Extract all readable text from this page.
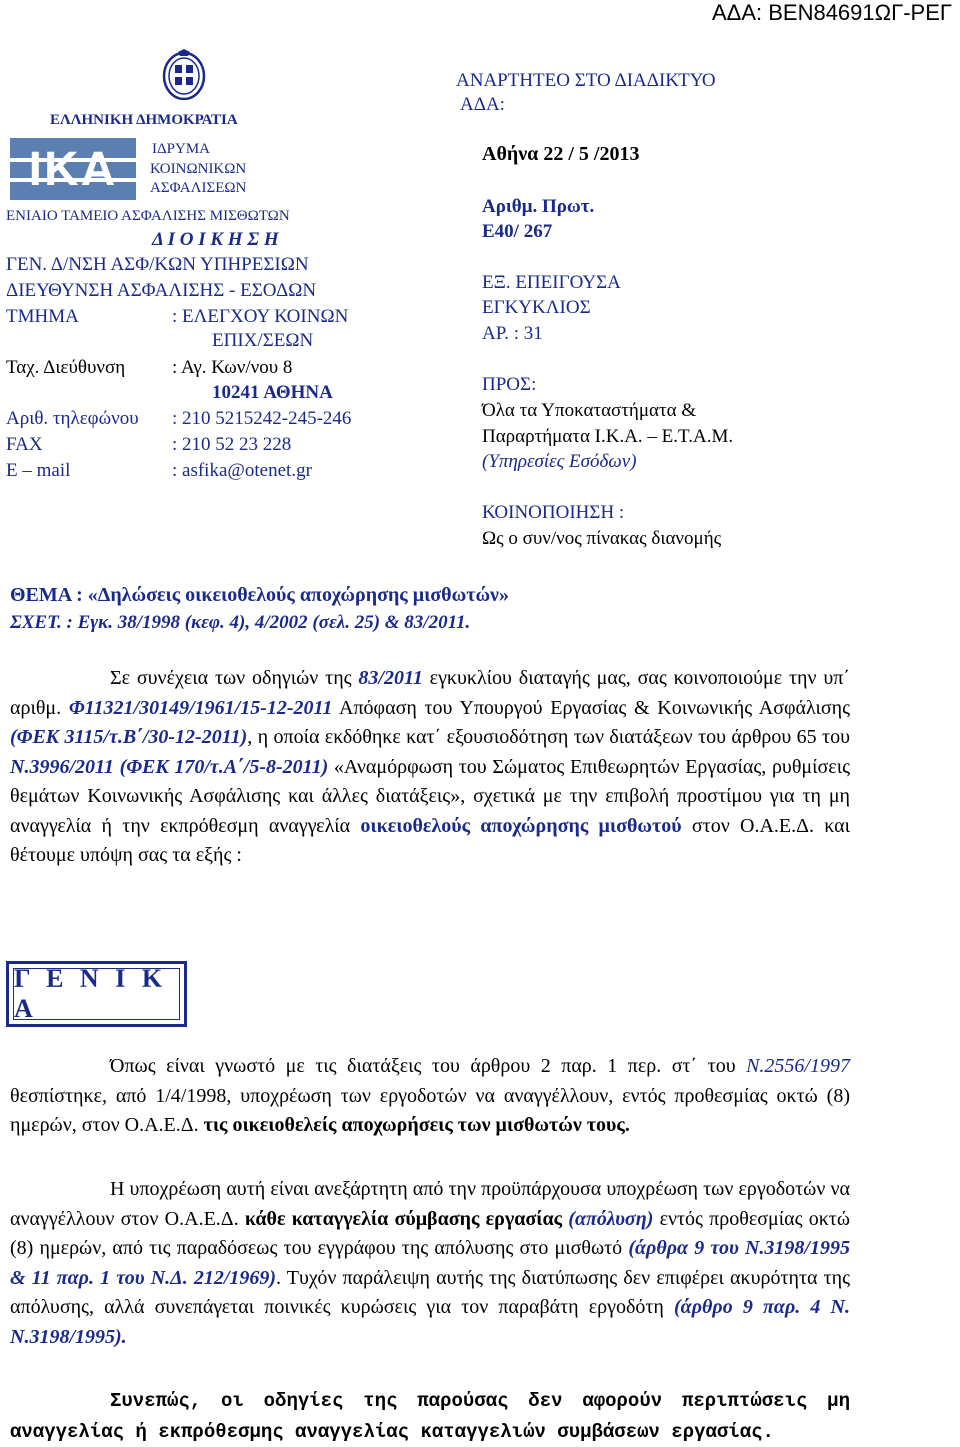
ΑΔΑ: ΒΕΝ84691ΩΓ-ΡΕΓ
ΕΛΛΗΝΙΚΗ ΔΗΜΟΚΡΑΤΙΑ
IKA	ΙΔΡΥΜΑ
ΚΟΙΝΩΝΙΚΩΝ
ΑΣΦΑΛΙΣΕΩΝ
ΕΝΙΑΙΟ ΤΑΜΕΙΟ ΑΣΦΑΛΙΣΗΣ ΜΙΣΘΩΤΩΝ
Δ Ι Ο Ι Κ Η Σ Η
ΓΕΝ. Δ/ΝΣΗ ΑΣΦ/ΚΩΝ ΥΠΗΡΕΣΙΩΝ
ΔΙΕΥΘΥΝΣΗ ΑΣΦΑΛΙΣΗΣ - ΕΣΟΔΩΝ
ΤΜΗΜΑ	: ΕΛΕΓΧΟΥ ΚΟΙΝΩΝ
ΕΠΙΧ/ΣΕΩΝ
Ταχ. Διεύθυνση : Αγ. Κων/νου 8
10241 ΑΘΗΝΑ
Αριθ. τηλεφώνου : 210 5215242-245-246
FAX	: 210 52 23 228
E – mail	: asfika@otenet.gr
ΑΝΑΡΤΗΤΕΟ ΣΤΟ ΔΙΑΔΙΚΤΥΟ
ΑΔΑ:
Αθήνα 22 / 5 /2013
Αριθμ. Πρωτ.
Ε40/ 267
ΕΞ. ΕΠΕΙΓΟΥΣΑ
ΕΓΚΥΚΛΙΟΣ
ΑΡ. : 31
ΠΡΟΣ:
Όλα τα Υποκαταστήματα &
Παραρτήματα Ι.Κ.Α. – Ε.Τ.Α.Μ.
(Υπηρεσίες Εσόδων)
ΚΟΙΝΟΠΟΙΗΣΗ :
Ως ο συν/νος πίνακας διανομής
ΘΕΜΑ : «Δηλώσεις οικειοθελούς αποχώρησης μισθωτών»
ΣΧΕΤ. : Εγκ. 38/1998 (κεφ. 4), 4/2002 (σελ. 25) & 83/2011.

Σε συνέχεια των οδηγιών της 83/2011 εγκυκλίου διαταγής μας, σας κοινοποιούμε την υπ΄ αριθμ. Φ11321/30149/1961/15-12-2011 Απόφαση του Υπουργού Εργασίας & Κοινωνικής Ασφάλισης (ΦΕΚ 3115/τ.Β΄/30-12-2011), η οποία εκδόθηκε κατ΄ εξουσιοδότηση των διατάξεων του άρθρου 65 του Ν.3996/2011 (ΦΕΚ 170/τ.Α΄/5-8-2011) «Αναμόρφωση του Σώματος Επιθεωρητών Εργασίας, ρυθμίσεις θεμάτων Κοινωνικής Ασφάλισης και άλλες διατάξεις», σχετικά με την επιβολή προστίμου για τη μη αναγγελία ή την εκπρόθεσμη αναγγελία οικειοθελούς αποχώρησης μισθωτού στον Ο.Α.Ε.Δ. και θέτουμε υπόψη σας τα εξής :

Γ Ε Ν Ι Κ Α

Όπως είναι γνωστό με τις διατάξεις του άρθρου 2 παρ. 1 περ. στ΄ του Ν.2556/1997 θεσπίστηκε, από 1/4/1998, υποχρέωση των εργοδοτών να αναγγέλλουν, εντός προθεσμίας οκτώ (8) ημερών, στον Ο.Α.Ε.Δ. τις οικειοθελείς αποχωρήσεις των μισθωτών τους.

Η υποχρέωση αυτή είναι ανεξάρτητη από την προϋπάρχουσα υποχρέωση των εργοδοτών να αναγγέλλουν στον Ο.Α.Ε.Δ. κάθε καταγγελία σύμβασης εργασίας (απόλυση) εντός προθεσμίας οκτώ (8) ημερών, από τις παραδόσεως του εγγράφου της απόλυσης στο μισθωτό (άρθρα 9 του Ν.3198/1995 & 11 παρ. 1 του Ν.Δ. 212/1969). Τυχόν παράλειψη αυτής της διατύπωσης δεν επιφέρει ακυρότητα της απόλυσης, αλλά συνεπάγεται ποινικές κυρώσεις για τον παραβάτη εργοδότη (άρθρο 9 παρ. 4 Ν. Ν.3198/1995).

Συνεπώς, οι οδηγίες της παρούσας δεν αφορούν περιπτώσεις μη αναγγελίας ή εκπρόθεσμης αναγγελίας καταγγελιών συμβάσεων εργασίας.
